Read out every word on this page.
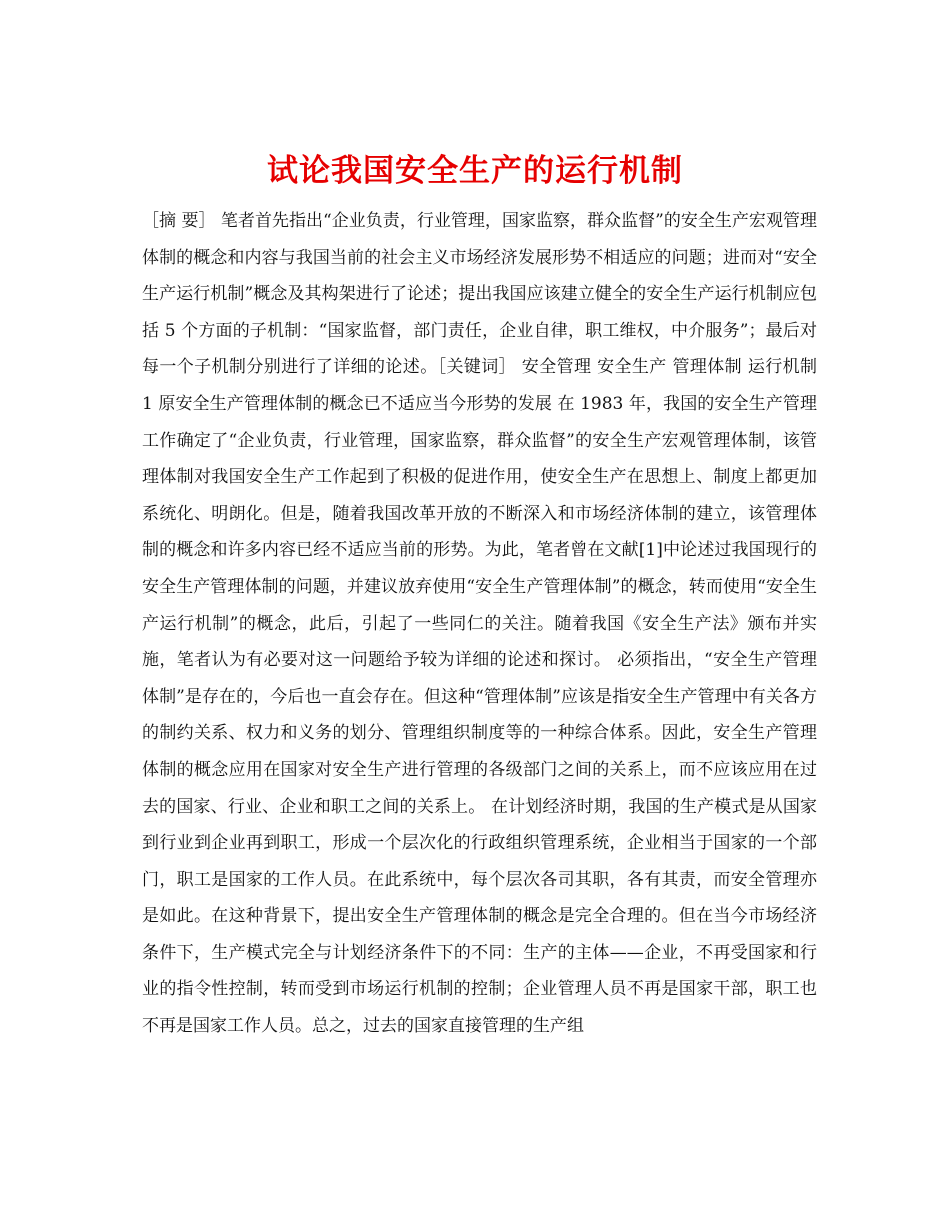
试论我国安全生产的运行机制

［摘 要］ 笔者首先指出“企业负责，行业管理，国家监察，群众监督”的安全生产宏观管理体制的概念和内容与我国当前的社会主义市场经济发展形势不相适应的问题；进而对“安全生产运行机制”概念及其构架进行了论述；提出我国应该建立健全的安全生产运行机制应包括 5 个方面的子机制：“国家监督，部门责任，企业自律，职工维权，中介服务”；最后对每一个子机制分别进行了详细的论述。［关键词］ 安全管理 安全生产 管理体制 运行机制 1 原安全生产管理体制的概念已不适应当今形势的发展 在 1983 年，我国的安全生产管理工作确定了“企业负责，行业管理，国家监察，群众监督”的安全生产宏观管理体制，该管理体制对我国安全生产工作起到了积极的促进作用，使安全生产在思想上、制度上都更加系统化、明朗化。但是，随着我国改革开放的不断深入和市场经济体制的建立，该管理体制的概念和许多内容已经不适应当前的形势。为此，笔者曾在文献[1]中论述过我国现行的安全生产管理体制的问题，并建议放弃使用“安全生产管理体制”的概念，转而使用“安全生产运行机制”的概念，此后，引起了一些同仁的关注。随着我国《安全生产法》颁布并实施，笔者认为有必要对这一问题给予较为详细的论述和探讨。 必须指出，“安全生产管理体制”是存在的，今后也一直会存在。但这种“管理体制”应该是指安全生产管理中有关各方的制约关系、权力和义务的划分、管理组织制度等的一种综合体系。因此，安全生产管理体制的概念应用在国家对安全生产进行管理的各级部门之间的关系上，而不应该应用在过去的国家、行业、企业和职工之间的关系上。 在计划经济时期，我国的生产模式是从国家到行业到企业再到职工，形成一个层次化的行政组织管理系统，企业相当于国家的一个部门，职工是国家的工作人员。在此系统中，每个层次各司其职，各有其责，而安全管理亦是如此。在这种背景下，提出安全生产管理体制的概念是完全合理的。但在当今市场经济条件下，生产模式完全与计划经济条件下的不同：生产的主体——企业，不再受国家和行业的指令性控制，转而受到市场运行机制的控制；企业管理人员不再是国家干部，职工也不再是国家工作人员。总之，过去的国家直接管理的生产组
